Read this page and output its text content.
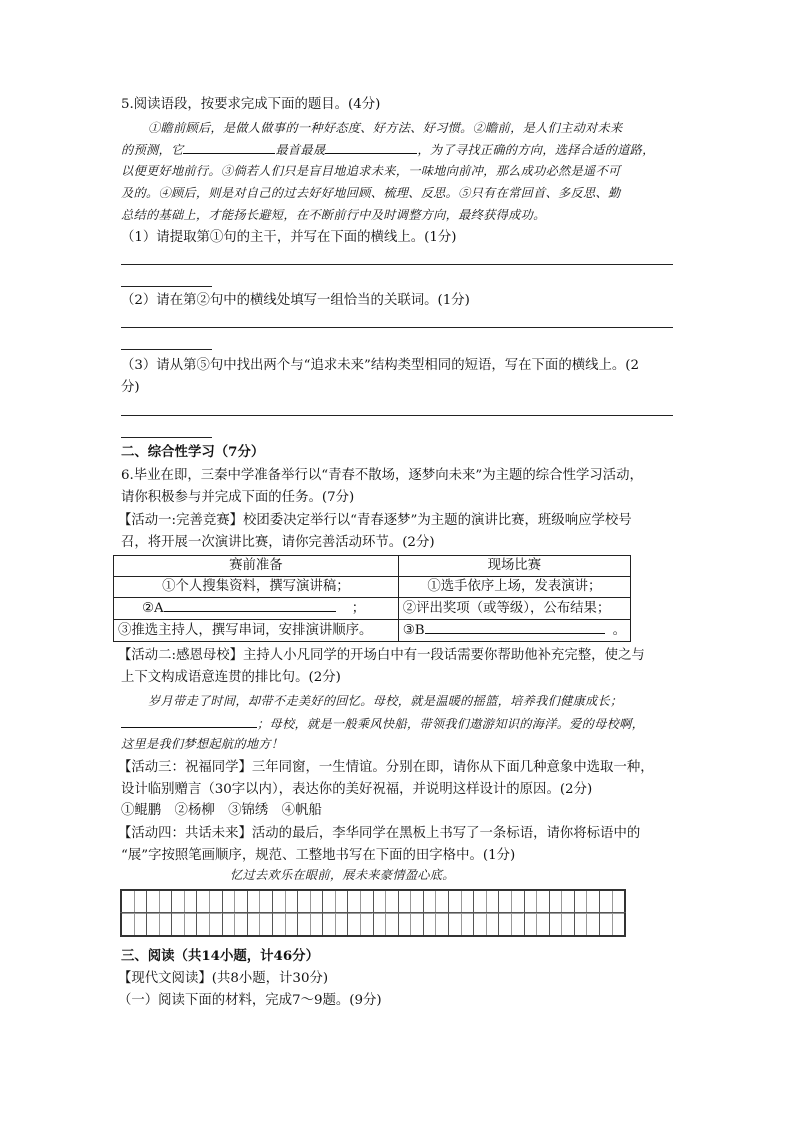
5.阅读语段，按要求完成下面的题目。(4分)
①瞻前顾后，是做人做事的一种好态度、好方法、好习惯。②瞻前，是人们主动对未来
的预测，它	最首最晟	，为了寻找正确的方向，选择合适的道路，
以便更好地前行。③倘若人们只是盲目地追求未来，一味地向前冲，那么成功必然是遥不可
及的。④顾后，则是对自己的过去好好地回顾、梳理、反思。⑤只有在常回首、多反思、勤
总结的基础上，才能扬长避短，在不断前行中及时调整方向，最终获得成功。
（1）请提取第①句的主干，并写在下面的横线上。(1分)
（2）请在第②句中的横线处填写一组恰当的关联词。(1分)
（3）请从第⑤句中找出两个与“追求未来”结构类型相同的短语，写在下面的横线上。(2
分)
二、综合性学习（7分）
6.毕业在即，三秦中学准备举行以“青春不散场，逐梦向未来”为主题的综合性学习活动，
请你积极参与并完成下面的任务。(7分)
【活动一:完善竞赛】校团委决定举行以“青春逐梦”为主题的演讲比赛，班级响应学校号
召，将开展一次演讲比赛，请你完善活动环节。(2分)
赛前准备	现场比赛
①个人搜集资料，撰写演讲稿；	①选手依序上场，发表演讲；
②A ；	②评出奖项（或等级），公布结果；
③推选主持人，撰写串词，安排演讲顺序。	③B 。
【活动二:感恩母校】主持人小凡同学的开场白中有一段话需要你帮助他补充完整，使之与
上下文构成语意连贯的排比句。(2分)
岁月带走了时间，却带不走美好的回忆。母校，就是温暖的摇篮，培养我们健康成长；
；母校，就是一般乘风快船，带领我们遨游知识的海洋。爱的母校啊，
这里是我们梦想起航的地方！
【活动三：祝福同学】三年同窗，一生情谊。分别在即，请你从下面几种意象中选取一种，
设计临别赠言（30字以内），表达你的美好祝福，并说明这样设计的原因。(2分)
①鲲鹏　②杨柳　③锦绣　④帆船
【活动四：共话未来】活动的最后，李华同学在黑板上书写了一条标语，请你将标语中的
“展”字按照笔画顺序，规范、工整地书写在下面的田字格中。(1分)
忆过去欢乐在眼前，展未来豪情盈心底。
三、阅读（共14小题，计46分）
【现代文阅读】(共8小题，计30分)
（一）阅读下面的材料，完成7～9题。(9分)
